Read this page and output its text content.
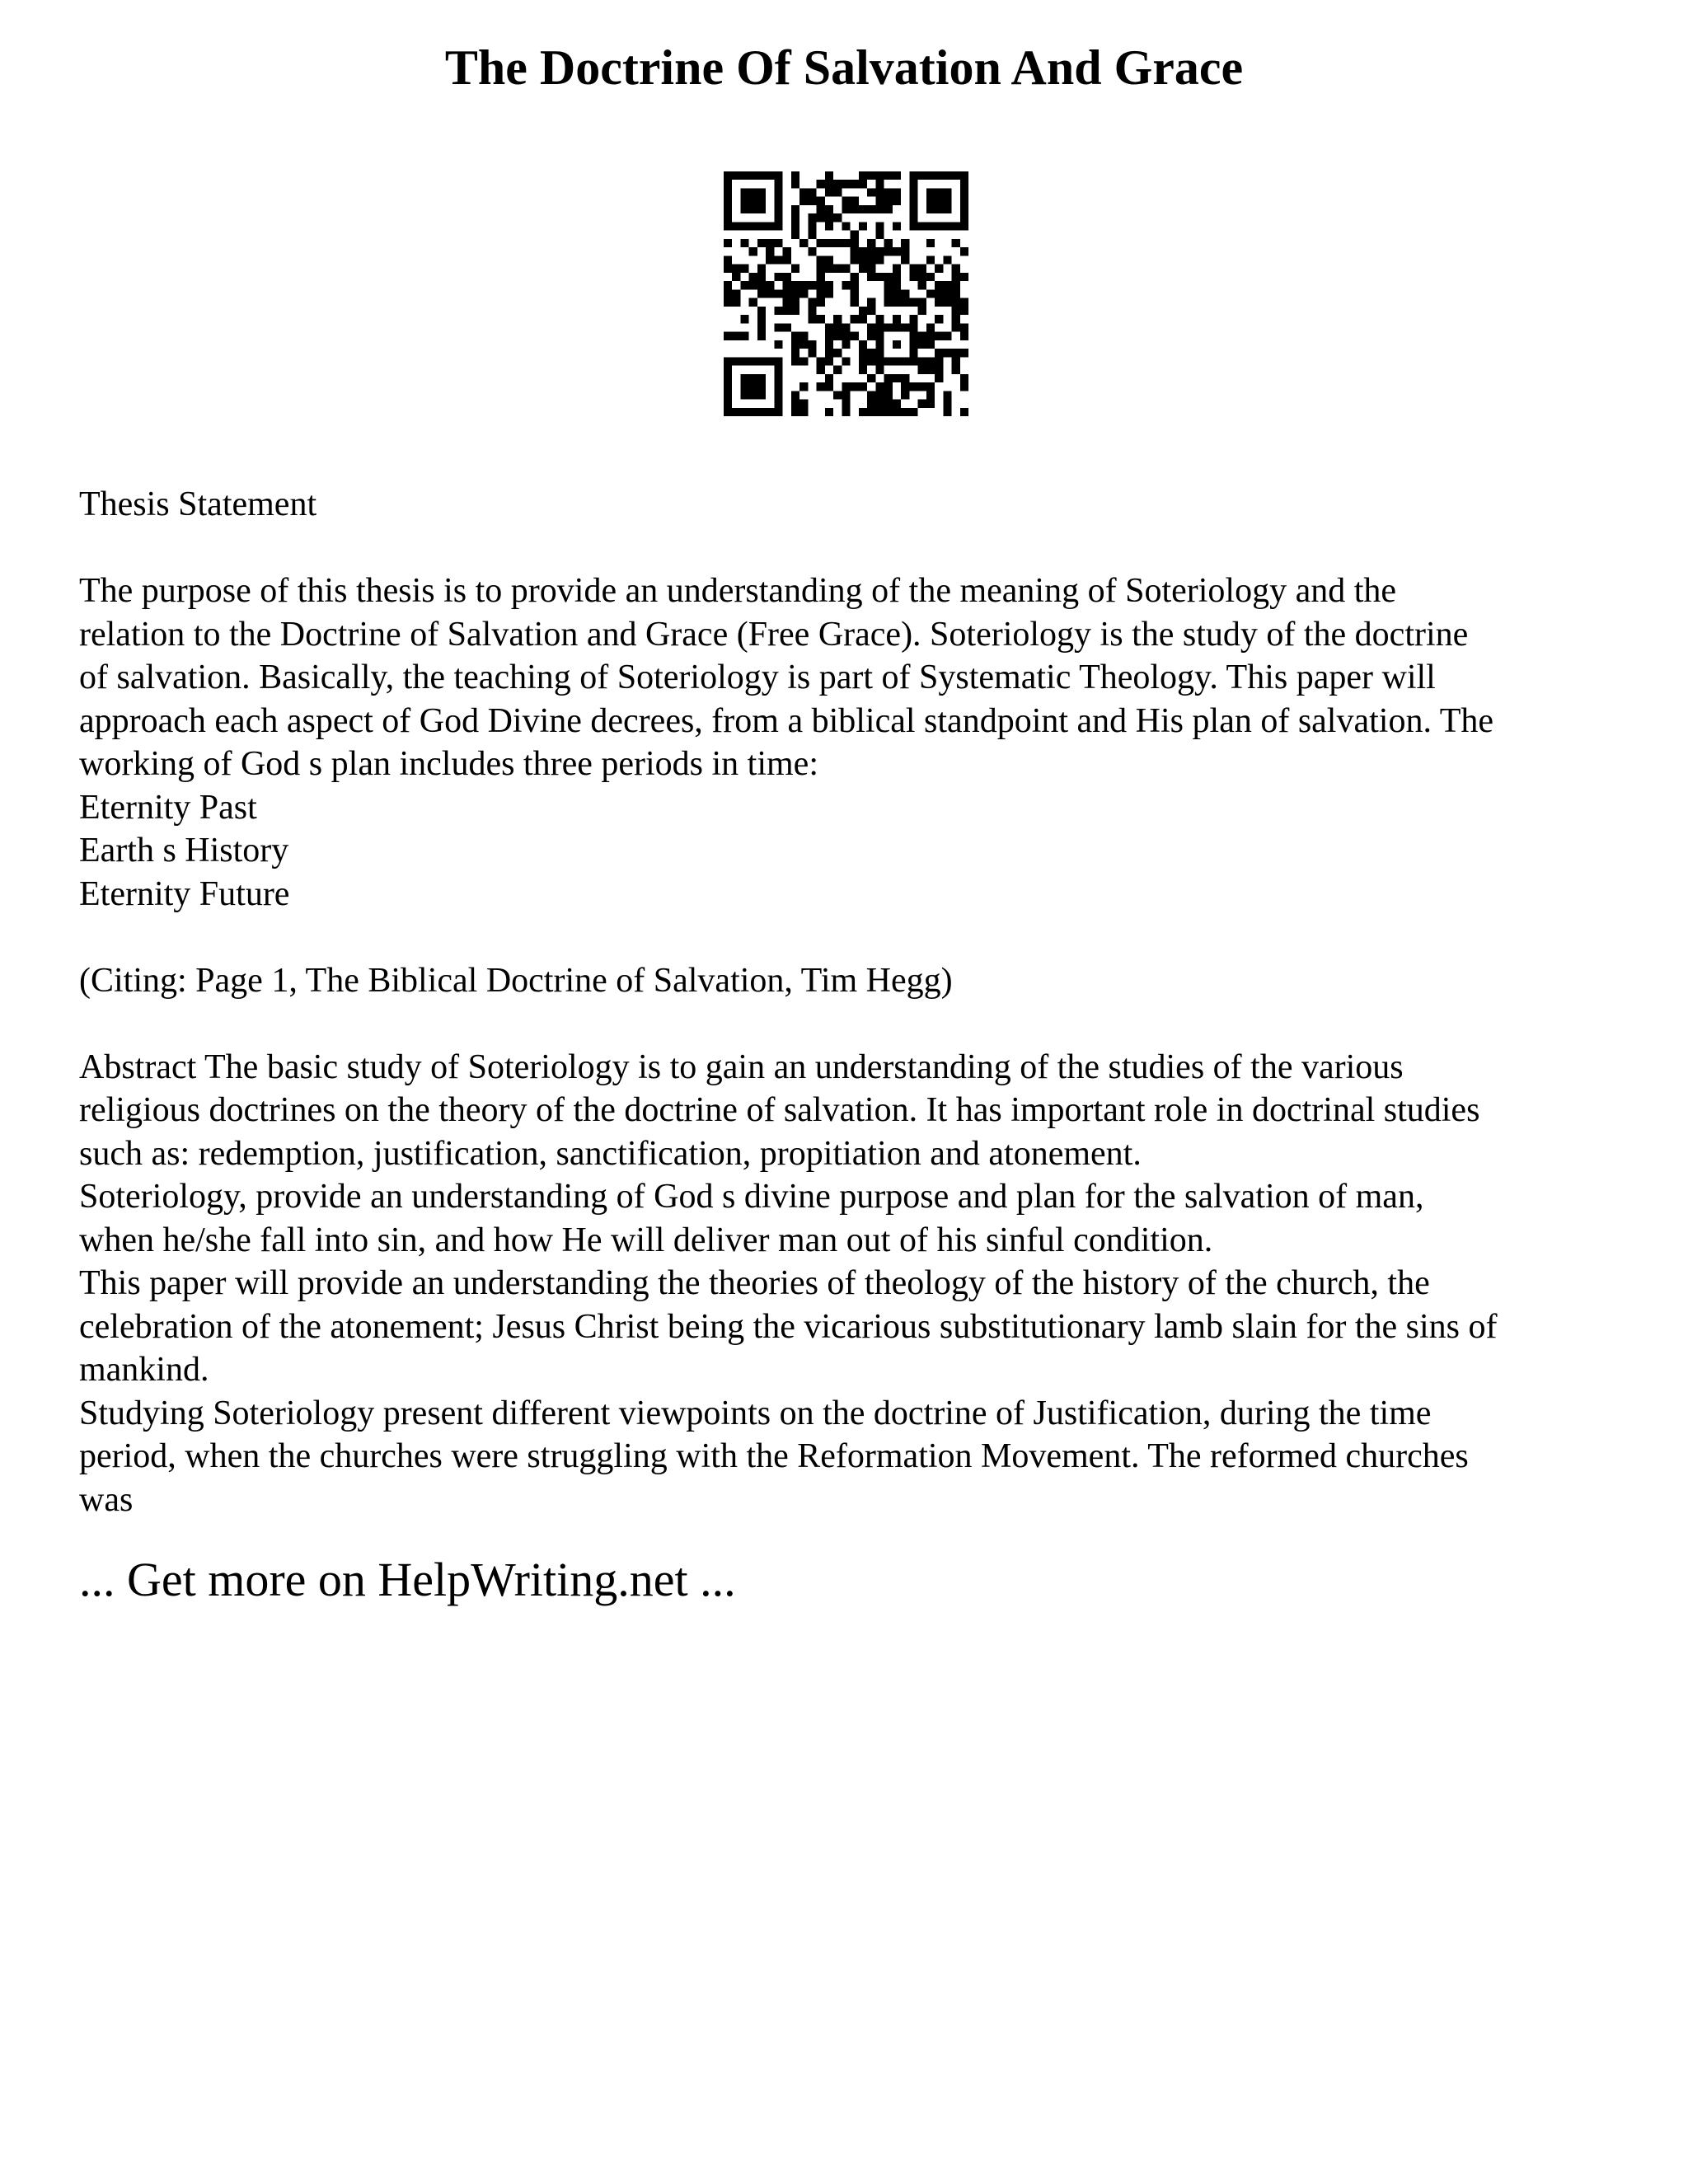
The Doctrine Of Salvation And Grace

Thesis Statement

The purpose of this thesis is to provide an understanding of the meaning of Soteriology and the

relation to the Doctrine of Salvation and Grace (Free Grace). Soteriology is the study of the doctrine

of salvation. Basically, the teaching of Soteriology is part of Systematic Theology. This paper will

approach each aspect of God Divine decrees, from a biblical standpoint and His plan of salvation. The

working of God s plan includes three periods in time:

Eternity Past

Earth s History

Eternity Future

(Citing: Page 1, The Biblical Doctrine of Salvation, Tim Hegg)

Abstract The basic study of Soteriology is to gain an understanding of the studies of the various

religious doctrines on the theory of the doctrine of salvation. It has important role in doctrinal studies

such as: redemption, justification, sanctification, propitiation and atonement.

Soteriology, provide an understanding of God s divine purpose and plan for the salvation of man,

when he/she fall into sin, and how He will deliver man out of his sinful condition.

This paper will provide an understanding the theories of theology of the history of the church, the

celebration of the atonement; Jesus Christ being the vicarious substitutionary lamb slain for the sins of

mankind.

Studying Soteriology present different viewpoints on the doctrine of Justification, during the time

period, when the churches were struggling with the Reformation Movement. The reformed churches

was

... Get more on HelpWriting.net ...
